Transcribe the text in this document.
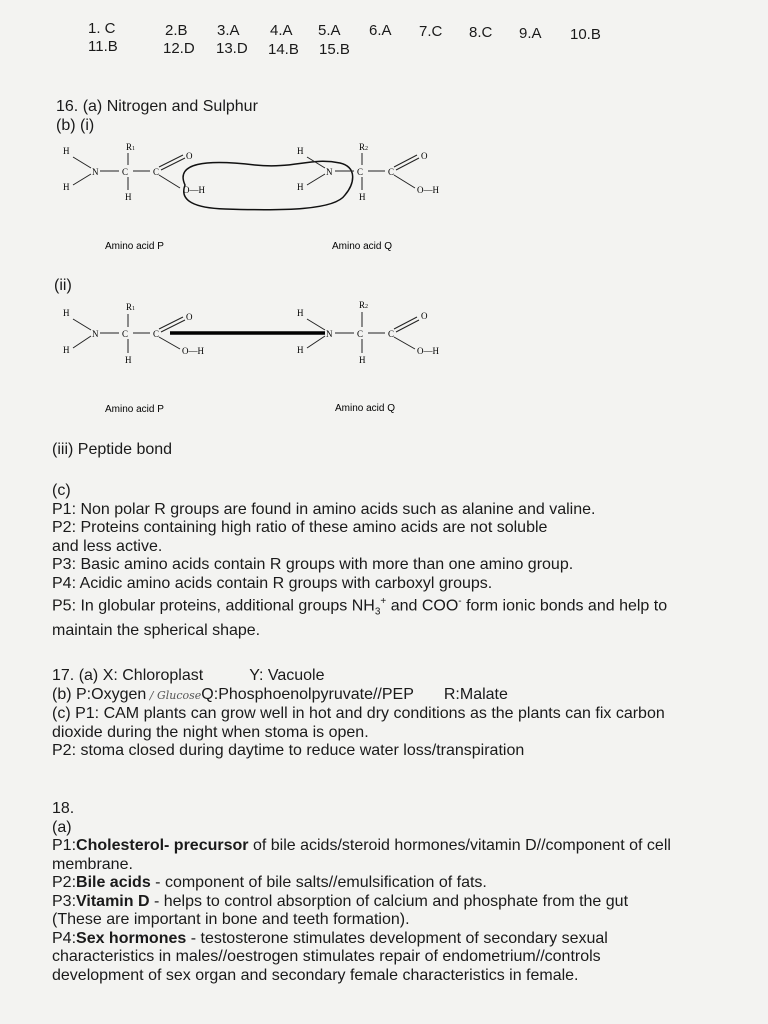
1. C	2.B 3.A 4.A 5.A 6.A 7.C 8.C 9.A 10.B
11.B	12.D 13.D 14.B 15.B
16. (a) Nitrogen and Sulphur
(b) (i)
H
H
N	C
R1
H
C
O
O—H
H
H
N	C
R2
H
C
O
O—H
Amino acid P	Amino acid Q
(ii)
H
H
N	C
R1
H
C
O
O—H
H
H
N	C
R2
H
C
O
O—H
Amino acid P	Amino acid Q
(iii) Peptide bond
(c)
P1: Non polar R groups are found in amino acids such as alanine and valine.
P2: Proteins containing high ratio of these amino acids are not soluble
and less active.
P3: Basic amino acids contain R groups with more than one amino group.
P4: Acidic amino acids contain R groups with carboxyl groups.
P5: In globular proteins, additional groups $NH_3^+$ and COO- form ionic bonds and help to
maintain the spherical shape.
17. (a) X: Chloroplast	Y: Vacuole
(b) P:Oxygen / GlucoseQ:Phosphoenolpyruvate//PEP R:Malate
(c) P1: CAM plants can grow well in hot and dry conditions as the plants can fix carbon
dioxide during the night when stoma is open.
P2: stoma closed during daytime to reduce water loss/transpiration
18.
(a)
P1:Cholesterol- precursor of bile acids/steroid hormones/vitamin D//component of cell
membrane.
P2:Bile acids - component of bile salts//emulsification of fats.
P3:Vitamin D - helps to control absorption of calcium and phosphate from the gut
(These are important in bone and teeth formation).
P4:Sex hormones - testosterone stimulates development of secondary sexual
characteristics in males//oestrogen stimulates repair of endometrium//controls
development of sex organ and secondary female characteristics in female.
